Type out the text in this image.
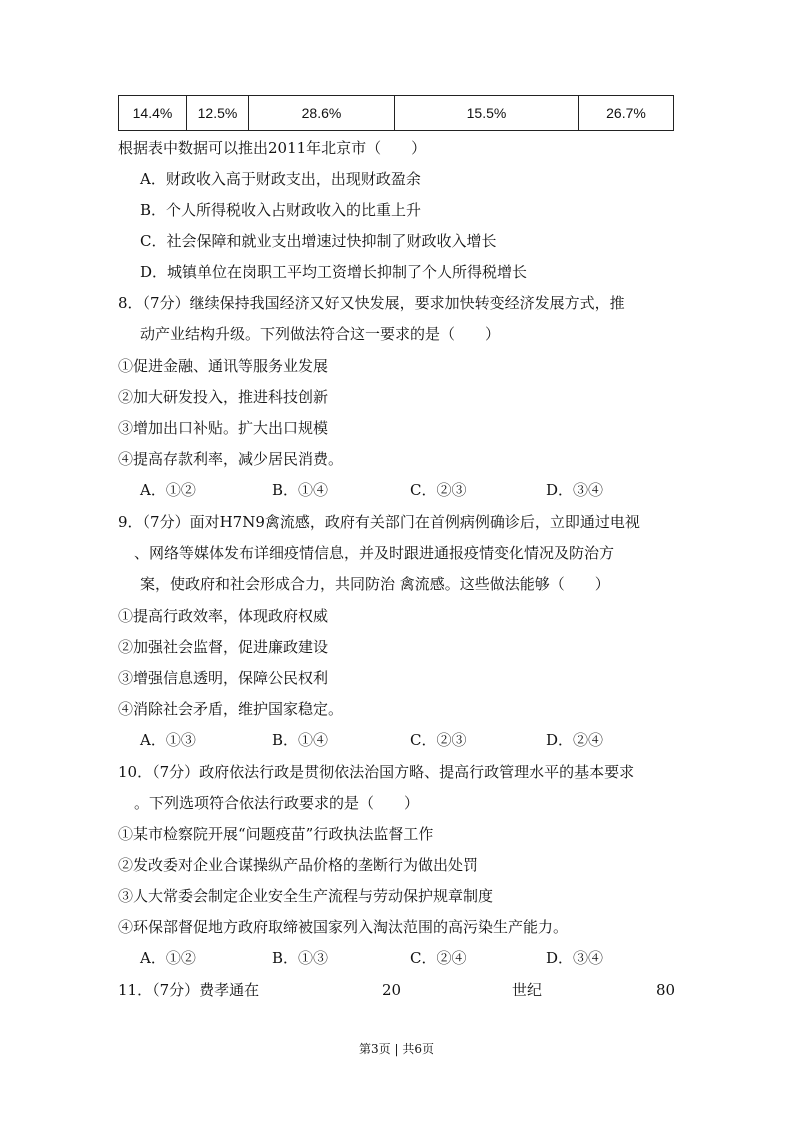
14.4%	12.5%	28.6%	15.5%	26.7%
根据表中数据可以推出2011年北京市（　　）
A．财政收入高于财政支出，出现财政盈余
B．个人所得税收入占财政收入的比重上升
C．社会保障和就业支出增速过快抑制了财政收入增长
D．城镇单位在岗职工平均工资增长抑制了个人所得税增长
8．（7分）继续保持我国经济又好又快发展，要求加快转变经济发展方式，推
动产业结构升级。下列做法符合这一要求的是（　　）
①促进金融、通讯等服务业发展
②加大研发投入，推进科技创新
③增加出口补贴。扩大出口规模
④提高存款利率，减少居民消费。
A．①②	B．①④	C．②③	D．③④
9．（7分）面对H7N9禽流感，政府有关部门在首例病例确诊后，立即通过电视
、网络等媒体发布详细疫情信息，并及时跟进通报疫情变化情况及防治方
案，使政府和社会形成合力，共同防治 禽流感。这些做法能够（　　）
①提高行政效率，体现政府权威
②加强社会监督，促进廉政建设
③增强信息透明，保障公民权利
④消除社会矛盾，维护国家稳定。
A．①③	B．①④	C．②③	D．②④
10．（7分）政府依法行政是贯彻依法治国方略、提高行政管理水平的基本要求
。下列选项符合依法行政要求的是（　　）
①某市检察院开展“问题疫苗”行政执法监督工作
②发改委对企业合谋操纵产品价格的垄断行为做出处罚
③人大常委会制定企业安全生产流程与劳动保护规章制度
④环保部督促地方政府取缔被国家列入淘汰范围的高污染生产能力。
A．①②	B．①③	C．②④	D．③④
11．（7分）费孝通在	20	世纪	80
第3页 | 共6页
